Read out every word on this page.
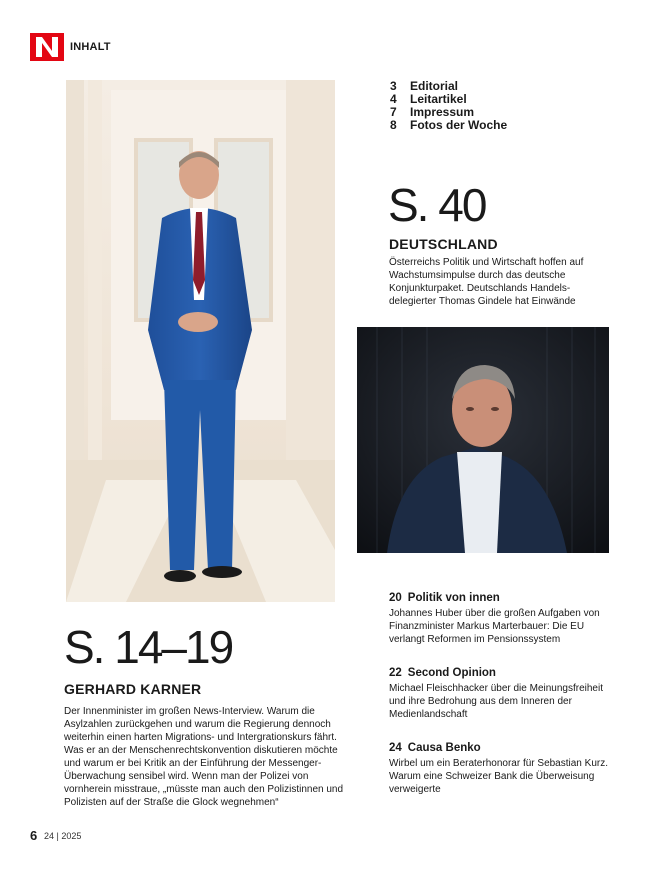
INHALT
3	Editorial
4	Leitartikel
7	Impressum
8	Fotos der Woche
S. 40
DEUTSCHLAND
Österreichs Politik und Wirtschaft hoffen auf Wachstumsimpulse durch das deutsche Konjunkturpaket. Deutschlands Handels-delegierter Thomas Gindele hat Einwände
S. 14–19
GERHARD KARNER
Der Innenminister im großen News-Interview. Warum die Asylzahlen zurückgehen und warum die Regierung dennoch weiterhin einen harten Migrations- und Intergrationskurs fährt. Was er an der Menschenrechtskonvention diskutieren möchte und warum er bei Kritik an der Einführung der Messenger-Überwachung sensibel wird. Wenn man der Polizei von vornherein misstraue, „müsste man auch den Polizistinnen und Polizisten auf der Straße die Glock wegnehmen“
20 Politik von innen
Johannes Huber über die großen Aufgaben von Finanzminister Markus Marterbauer: Die EU verlangt Reformen im Pensionssystem
22 Second Opinion
Michael Fleischhacker über die Meinungsfreiheit und ihre Bedrohung aus dem Inneren der Medienlandschaft
24 Causa Benko
Wirbel um ein Beraterhonorar für Sebastian Kurz. Warum eine Schweizer Bank die Überweisung verweigerte
6 24 | 2025
